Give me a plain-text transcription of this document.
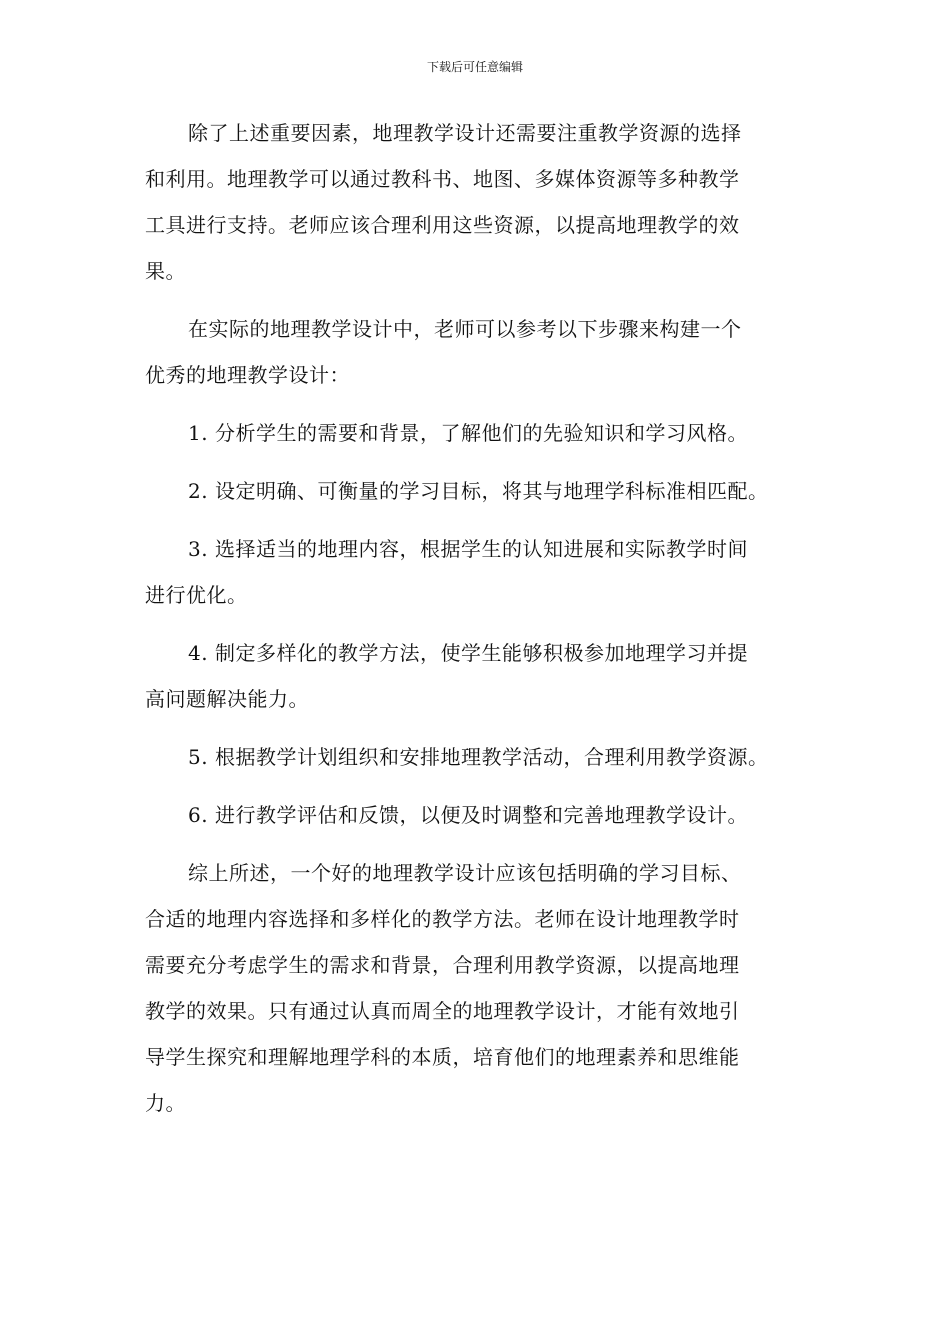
下载后可任意编辑

除了上述重要因素，地理教学设计还需要注重教学资源的选择
和利用。地理教学可以通过教科书、地图、多媒体资源等多种教学
工具进行支持。老师应该合理利用这些资源，以提高地理教学的效
果。

在实际的地理教学设计中，老师可以参考以下步骤来构建一个
优秀的地理教学设计：

1. 分析学生的需要和背景，了解他们的先验知识和学习风格。

2. 设定明确、可衡量的学习目标，将其与地理学科标准相匹配。

3. 选择适当的地理内容，根据学生的认知进展和实际教学时间
进行优化。

4. 制定多样化的教学方法，使学生能够积极参加地理学习并提
高问题解决能力。

5. 根据教学计划组织和安排地理教学活动，合理利用教学资源。

6. 进行教学评估和反馈，以便及时调整和完善地理教学设计。

综上所述，一个好的地理教学设计应该包括明确的学习目标、
合适的地理内容选择和多样化的教学方法。老师在设计地理教学时
需要充分考虑学生的需求和背景，合理利用教学资源，以提高地理
教学的效果。只有通过认真而周全的地理教学设计，才能有效地引
导学生探究和理解地理学科的本质，培育他们的地理素养和思维能
力。
